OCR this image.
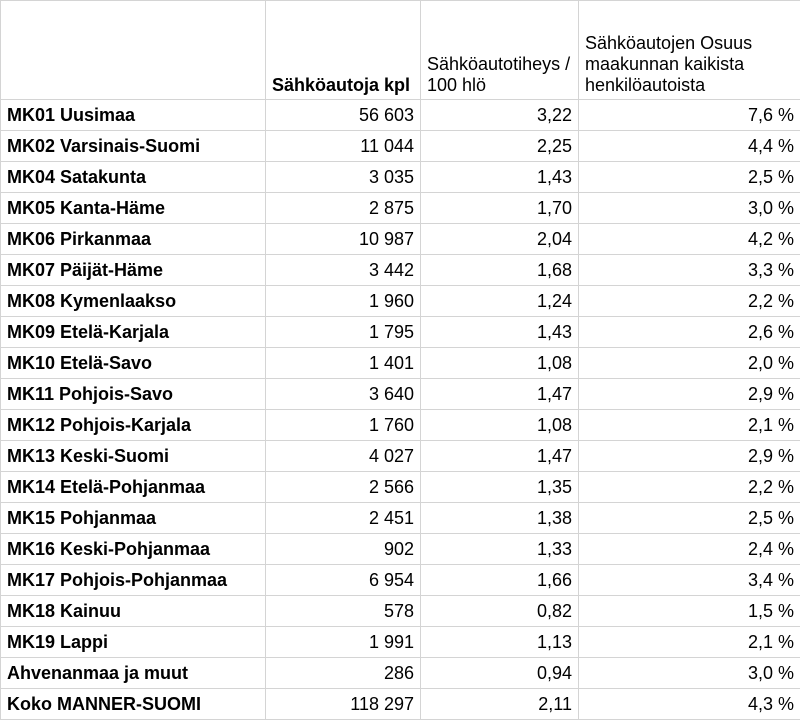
	Sähköautoja kpl	Sähköautotiheys / 100 hlö	Sähköautojen Osuus maakunnan kaikista henkilöautoista
MK01 Uusimaa	56 603	3,22	7,6 %
MK02 Varsinais-Suomi	11 044	2,25	4,4 %
MK04 Satakunta	3 035	1,43	2,5 %
MK05 Kanta-Häme	2 875	1,70	3,0 %
MK06 Pirkanmaa	10 987	2,04	4,2 %
MK07 Päijät-Häme	3 442	1,68	3,3 %
MK08 Kymenlaakso	1 960	1,24	2,2 %
MK09 Etelä-Karjala	1 795	1,43	2,6 %
MK10 Etelä-Savo	1 401	1,08	2,0 %
MK11 Pohjois-Savo	3 640	1,47	2,9 %
MK12 Pohjois-Karjala	1 760	1,08	2,1 %
MK13 Keski-Suomi	4 027	1,47	2,9 %
MK14 Etelä-Pohjanmaa	2 566	1,35	2,2 %
MK15 Pohjanmaa	2 451	1,38	2,5 %
MK16 Keski-Pohjanmaa	902	1,33	2,4 %
MK17 Pohjois-Pohjanmaa	6 954	1,66	3,4 %
MK18 Kainuu	578	0,82	1,5 %
MK19 Lappi	1 991	1,13	2,1 %
Ahvenanmaa ja muut	286	0,94	3,0 %
Koko MANNER-SUOMI	118 297	2,11	4,3 %
